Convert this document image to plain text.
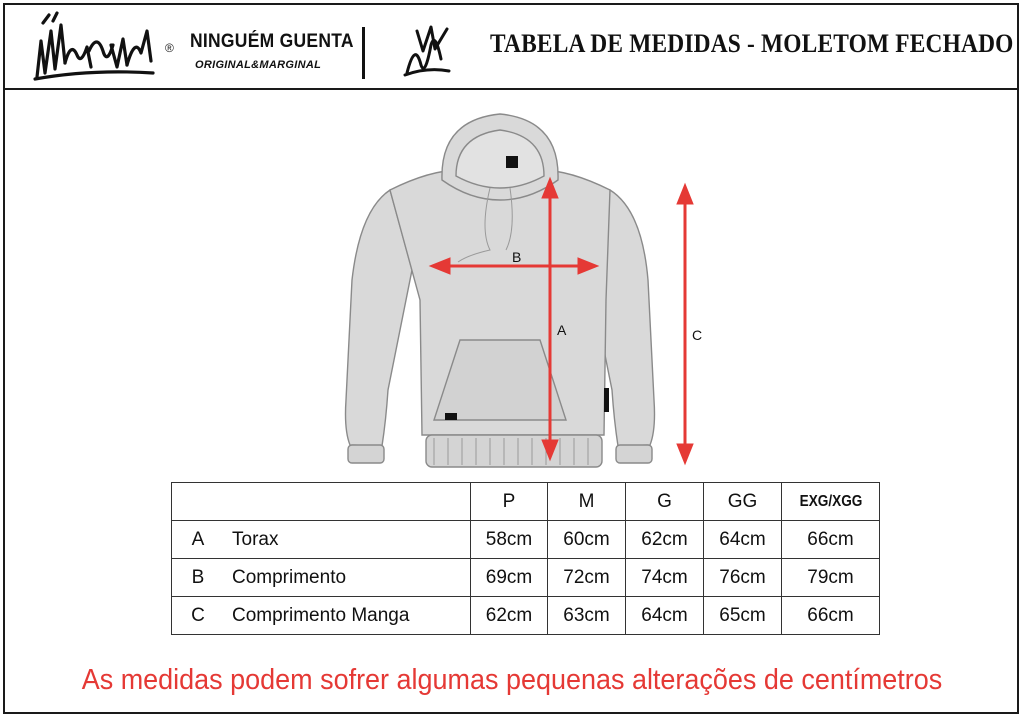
® NINGUÉM GUENTA
ORIGINAL&MARGINAL
TABELA DE MEDIDAS - MOLETOM FECHADO
B
A	C
		P	M	G	GG	EXG/XGG
A	Torax	58cm	60cm	62cm	64cm	66cm
B	Comprimento	69cm	72cm	74cm	76cm	79cm
C	Comprimento Manga	62cm	63cm	64cm	65cm	66cm
As medidas podem sofrer algumas pequenas alterações de centímetros
